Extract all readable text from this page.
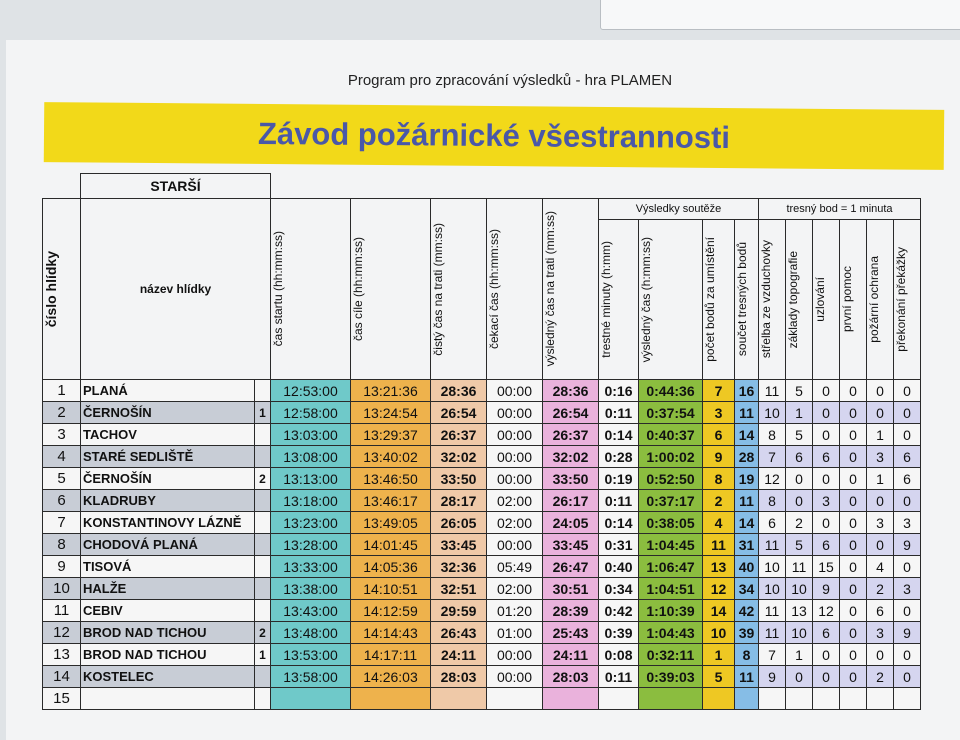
Program pro zpracování výsledků - hra PLAMEN
Závod požárnické všestrannosti
	STARŠÍ																

číslo hlídky	název hlídky		čas startu (hh:mm:ss)	čas cíle (hh:mm:ss)	čistý čas na trati (mm:ss)	čekací čas (hh:mm:ss)	výsledný čas na trati (mm:ss)	Výsledky soutěže				tresný bod = 1 minuta					

								trestné minuty (h:mm)	výsledný čas (h:mm:ss)	počet bodů za umístění	součet tresných bodů	střelba ze vzduchovky	základy topografie	uzlování	první pomoc	požární ochrana	překonání překážky

1	PLANÁ		12:53:00	13:21:36	28:36	00:00	28:36	0:16	0:44:36	7	16	11	5	0	0	0	0
2	ČERNOŠÍN	1	12:58:00	13:24:54	26:54	00:00	26:54	0:11	0:37:54	3	11	10	1	0	0	0	0
3	TACHOV		13:03:00	13:29:37	26:37	00:00	26:37	0:14	0:40:37	6	14	8	5	0	0	1	0
4	STARÉ SEDLIŠTĚ		13:08:00	13:40:02	32:02	00:00	32:02	0:28	1:00:02	9	28	7	6	6	0	3	6
5	ČERNOŠÍN	2	13:13:00	13:46:50	33:50	00:00	33:50	0:19	0:52:50	8	19	12	0	0	0	1	6
6	KLADRUBY		13:18:00	13:46:17	28:17	02:00	26:17	0:11	0:37:17	2	11	8	0	3	0	0	0
7	KONSTANTINOVY LÁZNĚ		13:23:00	13:49:05	26:05	02:00	24:05	0:14	0:38:05	4	14	6	2	0	0	3	3
8	CHODOVÁ PLANÁ		13:28:00	14:01:45	33:45	00:00	33:45	0:31	1:04:45	11	31	11	5	6	0	0	9
9	TISOVÁ		13:33:00	14:05:36	32:36	05:49	26:47	0:40	1:06:47	13	40	10	11	15	0	4	0
10	HALŽE		13:38:00	14:10:51	32:51	02:00	30:51	0:34	1:04:51	12	34	10	10	9	0	2	3
11	CEBIV		13:43:00	14:12:59	29:59	01:20	28:39	0:42	1:10:39	14	42	11	13	12	0	6	0
12	BROD NAD TICHOU	2	13:48:00	14:14:43	26:43	01:00	25:43	0:39	1:04:43	10	39	11	10	6	0	3	9
13	BROD NAD TICHOU	1	13:53:00	14:17:11	24:11	00:00	24:11	0:08	0:32:11	1	8	7	1	0	0	0	0
14	KOSTELEC		13:58:00	14:26:03	28:03	00:00	28:03	0:11	0:39:03	5	11	9	0	0	0	2	0
15																	
